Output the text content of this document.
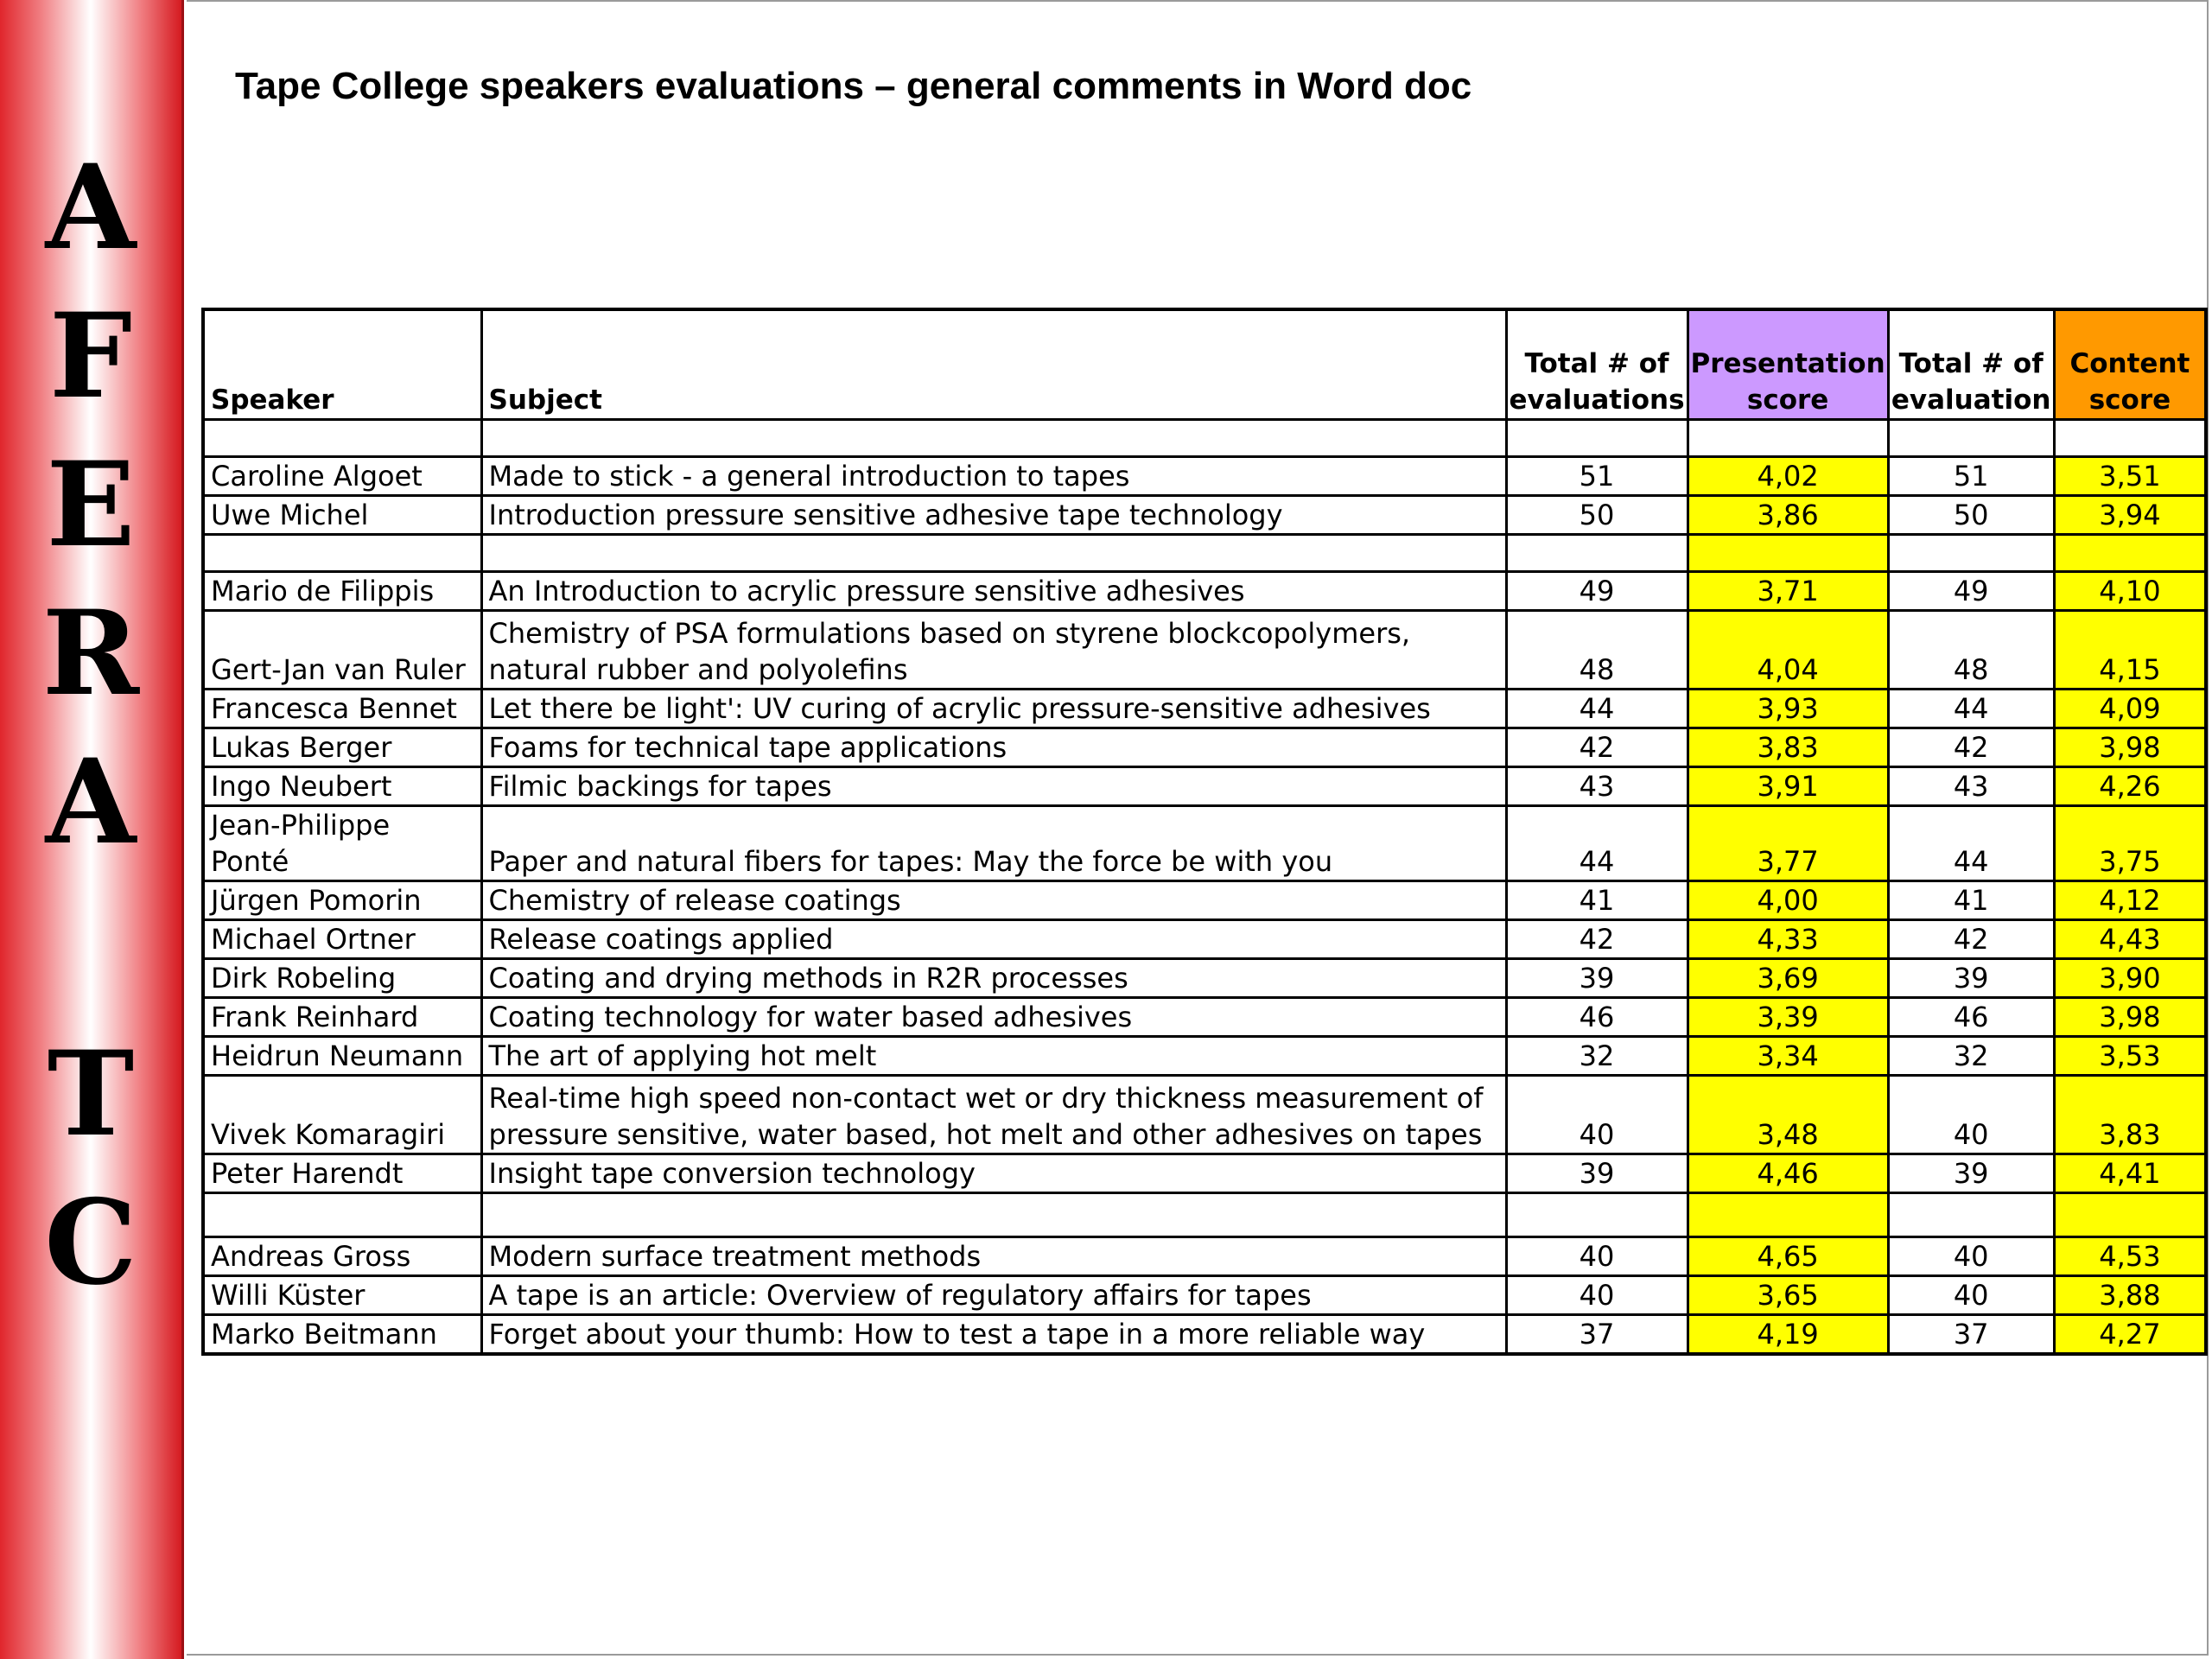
A
F
E
R
A
T
C
Tape College speakers evaluations – general comments in Word doc
Speaker	Subject	Total # of evaluations	Presentation score	Total # of evaluation	Content score

Caroline Algoet	Made to stick - a general introduction to tapes	51	4,02	51	3,51
Uwe Michel	Introduction pressure sensitive adhesive tape technology	50	3,86	50	3,94

Mario de Filippis	An Introduction to acrylic pressure sensitive adhesives	49	3,71	49	4,10
Gert-Jan van Ruler	Chemistry of PSA formulations based on styrene blockcopolymers, natural rubber and polyolefins	48	4,04	48	4,15
Francesca Bennet	Let there be light': UV curing of acrylic pressure-sensitive adhesives	44	3,93	44	4,09
Lukas Berger	Foams for technical tape applications	42	3,83	42	3,98
Ingo Neubert	Filmic backings for tapes	43	3,91	43	4,26
Jean-Philippe Ponté	Paper and natural fibers for tapes: May the force be with you	44	3,77	44	3,75
Jürgen Pomorin	Chemistry of release coatings	41	4,00	41	4,12
Michael Ortner	Release coatings applied	42	4,33	42	4,43
Dirk Robeling	Coating and drying methods in R2R processes	39	3,69	39	3,90
Frank Reinhard	Coating technology for water based adhesives	46	3,39	46	3,98
Heidrun Neumann	The art of applying hot melt	32	3,34	32	3,53
Vivek Komaragiri	Real-time high speed non-contact wet or dry thickness measurement of pressure sensitive, water based, hot melt and other adhesives on tapes	40	3,48	40	3,83
Peter Harendt	Insight tape conversion technology	39	4,46	39	4,41

Andreas Gross	Modern surface treatment methods	40	4,65	40	4,53
Willi Küster	A tape is an article: Overview of regulatory affairs for tapes	40	3,65	40	3,88
Marko Beitmann	Forget about your thumb: How to test a tape in a more reliable way	37	4,19	37	4,27
